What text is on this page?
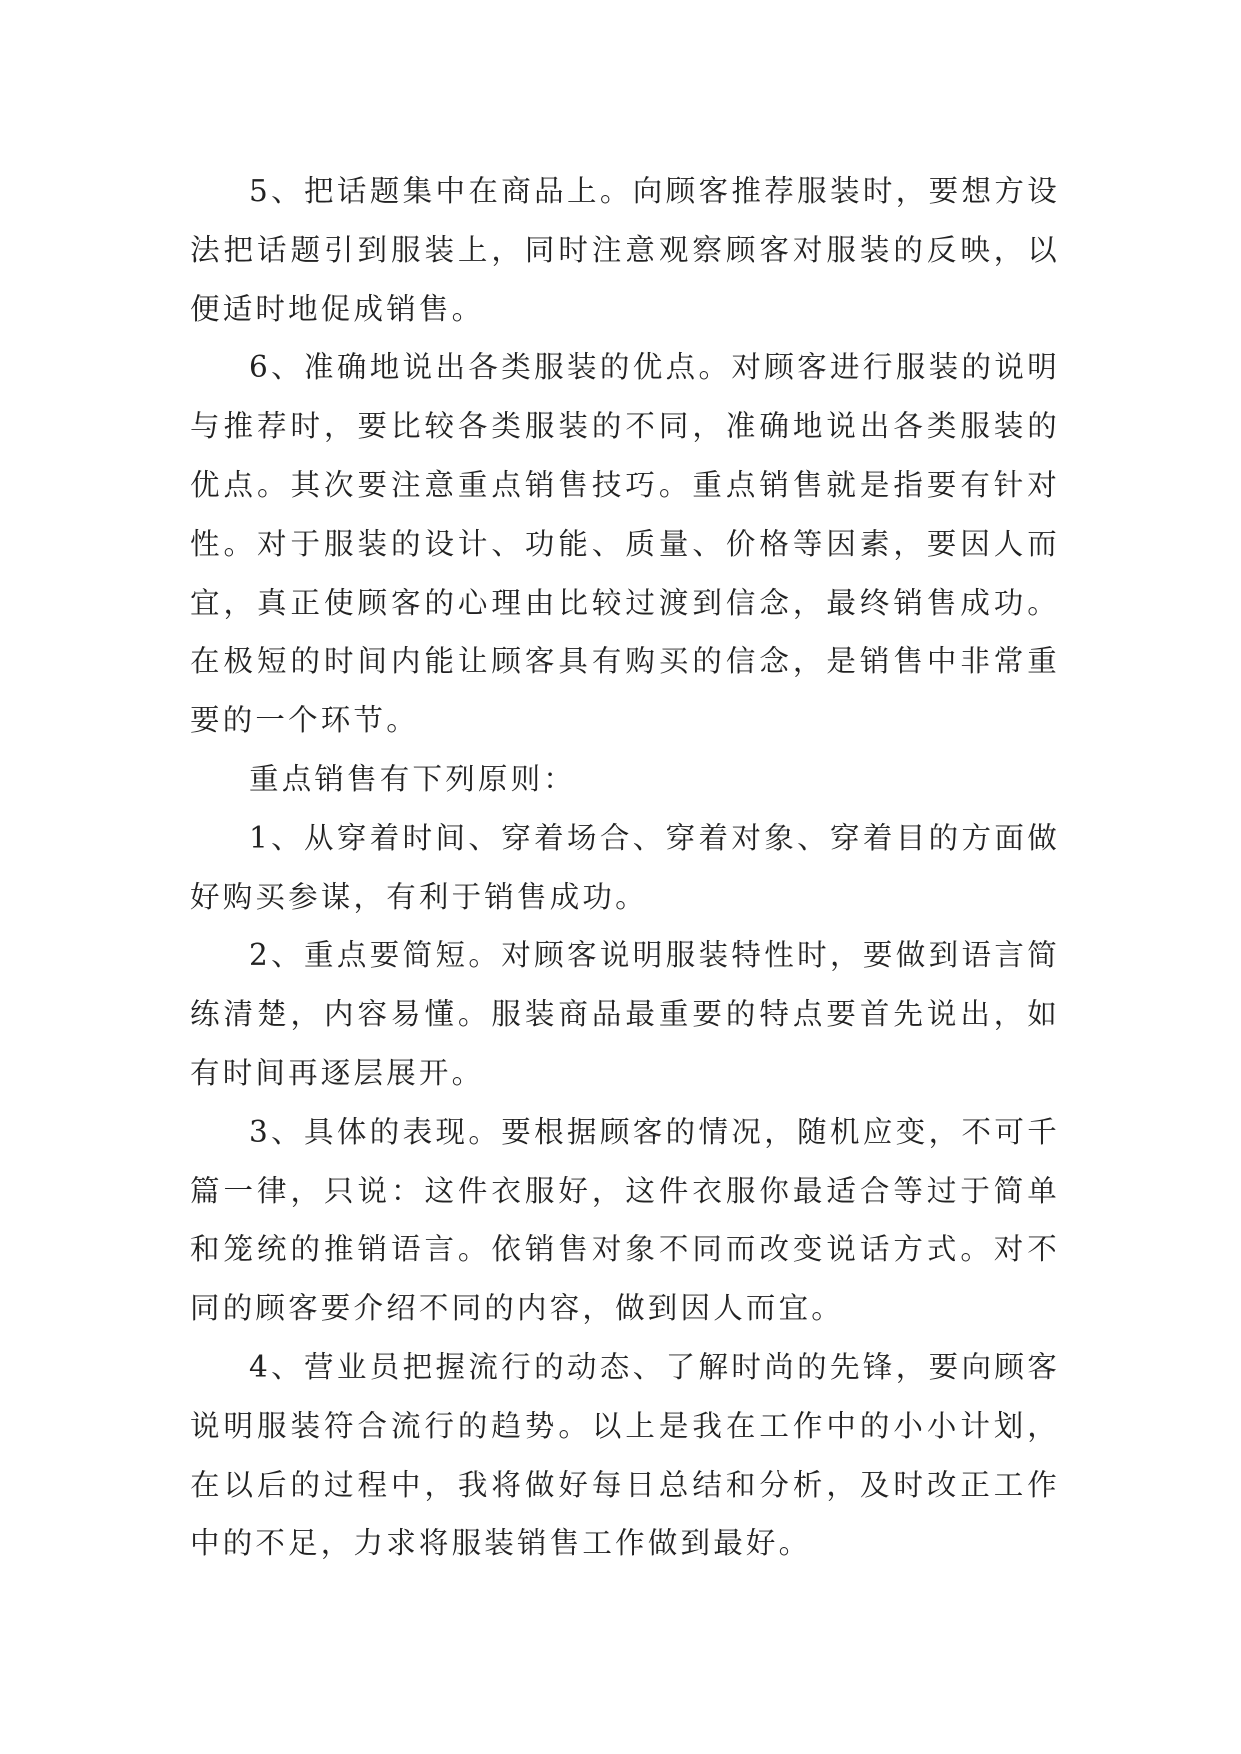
5、把话题集中在商品上。向顾客推荐服装时，要想方设法把话题引到服装上，同时注意观察顾客对服装的反映，以便适时地促成销售。

6、准确地说出各类服装的优点。对顾客进行服装的说明与推荐时，要比较各类服装的不同，准确地说出各类服装的优点。其次要注意重点销售技巧。重点销售就是指要有针对性。对于服装的设计、功能、质量、价格等因素，要因人而宜，真正使顾客的心理由比较过渡到信念，最终销售成功。在极短的时间内能让顾客具有购买的信念，是销售中非常重要的一个环节。

重点销售有下列原则：

1、从穿着时间、穿着场合、穿着对象、穿着目的方面做好购买参谋，有利于销售成功。

2、重点要简短。对顾客说明服装特性时，要做到语言简练清楚，内容易懂。服装商品最重要的特点要首先说出，如有时间再逐层展开。

3、具体的表现。要根据顾客的情况，随机应变，不可千篇一律，只说：这件衣服好，这件衣服你最适合等过于简单和笼统的推销语言。依销售对象不同而改变说话方式。对不同的顾客要介绍不同的内容，做到因人而宜。

4、营业员把握流行的动态、了解时尚的先锋，要向顾客说明服装符合流行的趋势。以上是我在工作中的小小计划，在以后的过程中，我将做好每日总结和分析，及时改正工作中的不足，力求将服装销售工作做到最好。
